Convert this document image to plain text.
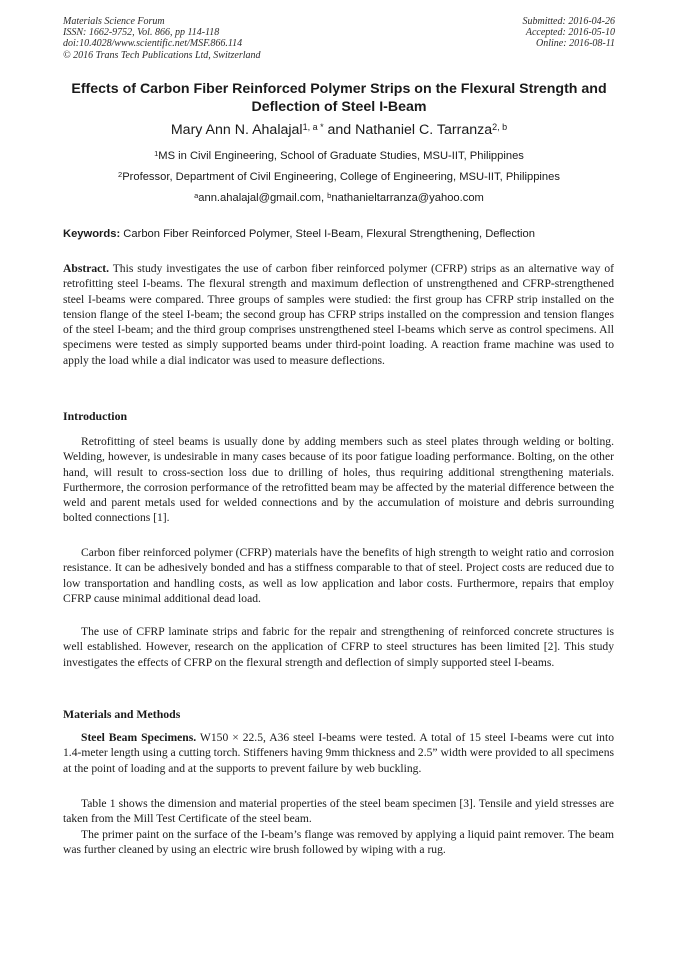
Materials Science Forum
ISSN: 1662-9752, Vol. 866, pp 114-118
doi:10.4028/www.scientific.net/MSF.866.114
© 2016 Trans Tech Publications Ltd, Switzerland
Submitted: 2016-04-26
Accepted: 2016-05-10
Online: 2016-08-11
Effects of Carbon Fiber Reinforced Polymer Strips on the Flexural Strength and Deflection of Steel I-Beam
Mary Ann N. Ahalajal$^{1, a *}$ and Nathaniel C. Tarranza$^{2, b}$
$^1$MS in Civil Engineering, School of Graduate Studies, MSU-IIT, Philippines
$^2$Professor, Department of Civil Engineering, College of Engineering, MSU-IIT, Philippines
$^a$ann.ahalajal@gmail.com, $^b$nathanieltarranza@yahoo.com
Keywords: Carbon Fiber Reinforced Polymer, Steel I-Beam, Flexural Strengthening, Deflection

Abstract. This study investigates the use of carbon fiber reinforced polymer (CFRP) strips as an alternative way of retrofitting steel I-beams. The flexural strength and maximum deflection of unstrengthened and CFRP-strengthened steel I-beams were compared. Three groups of samples were studied: the first group has CFRP strip installed on the tension flange of the steel I-beam; the second group has CFRP strips installed on the compression and tension flanges of the steel I-beam; and the third group comprises unstrengthened steel I-beams which serve as control specimens. All specimens were tested as simply supported beams under third-point loading. A reaction frame machine was used to apply the load while a dial indicator was used to measure deflections.

Introduction

Retrofitting of steel beams is usually done by adding members such as steel plates through welding or bolting. Welding, however, is undesirable in many cases because of its poor fatigue loading performance. Bolting, on the other hand, will result to cross-section loss due to drilling of holes, thus requiring additional strengthening materials. Furthermore, the corrosion performance of the retrofitted beam may be affected by the material difference between the weld and parent metals used for welded connections and by the accumulation of moisture and debris surrounding bolted connections [1].

Carbon fiber reinforced polymer (CFRP) materials have the benefits of high strength to weight ratio and corrosion resistance. It can be adhesively bonded and has a stiffness comparable to that of steel. Project costs are reduced due to low transportation and handling costs, as well as low application and labor costs. Furthermore, repairs that employ CFRP cause minimal additional dead load.

The use of CFRP laminate strips and fabric for the repair and strengthening of reinforced concrete structures is well established. However, research on the application of CFRP to steel structures has been limited [2]. This study investigates the effects of CFRP on the flexural strength and deflection of simply supported steel I-beams.

Materials and Methods

Steel Beam Specimens. W150 × 22.5, A36 steel I-beams were tested. A total of 15 steel I-beams were cut into 1.4-meter length using a cutting torch. Stiffeners having 9mm thickness and 2.5” width were provided to all specimens at the point of loading and at the supports to prevent failure by web buckling.

Table 1 shows the dimension and material properties of the steel beam specimen [3]. Tensile and yield stresses are taken from the Mill Test Certificate of the steel beam.

The primer paint on the surface of the I-beam’s flange was removed by applying a liquid paint remover. The beam was further cleaned by using an electric wire brush followed by wiping with a rug.
